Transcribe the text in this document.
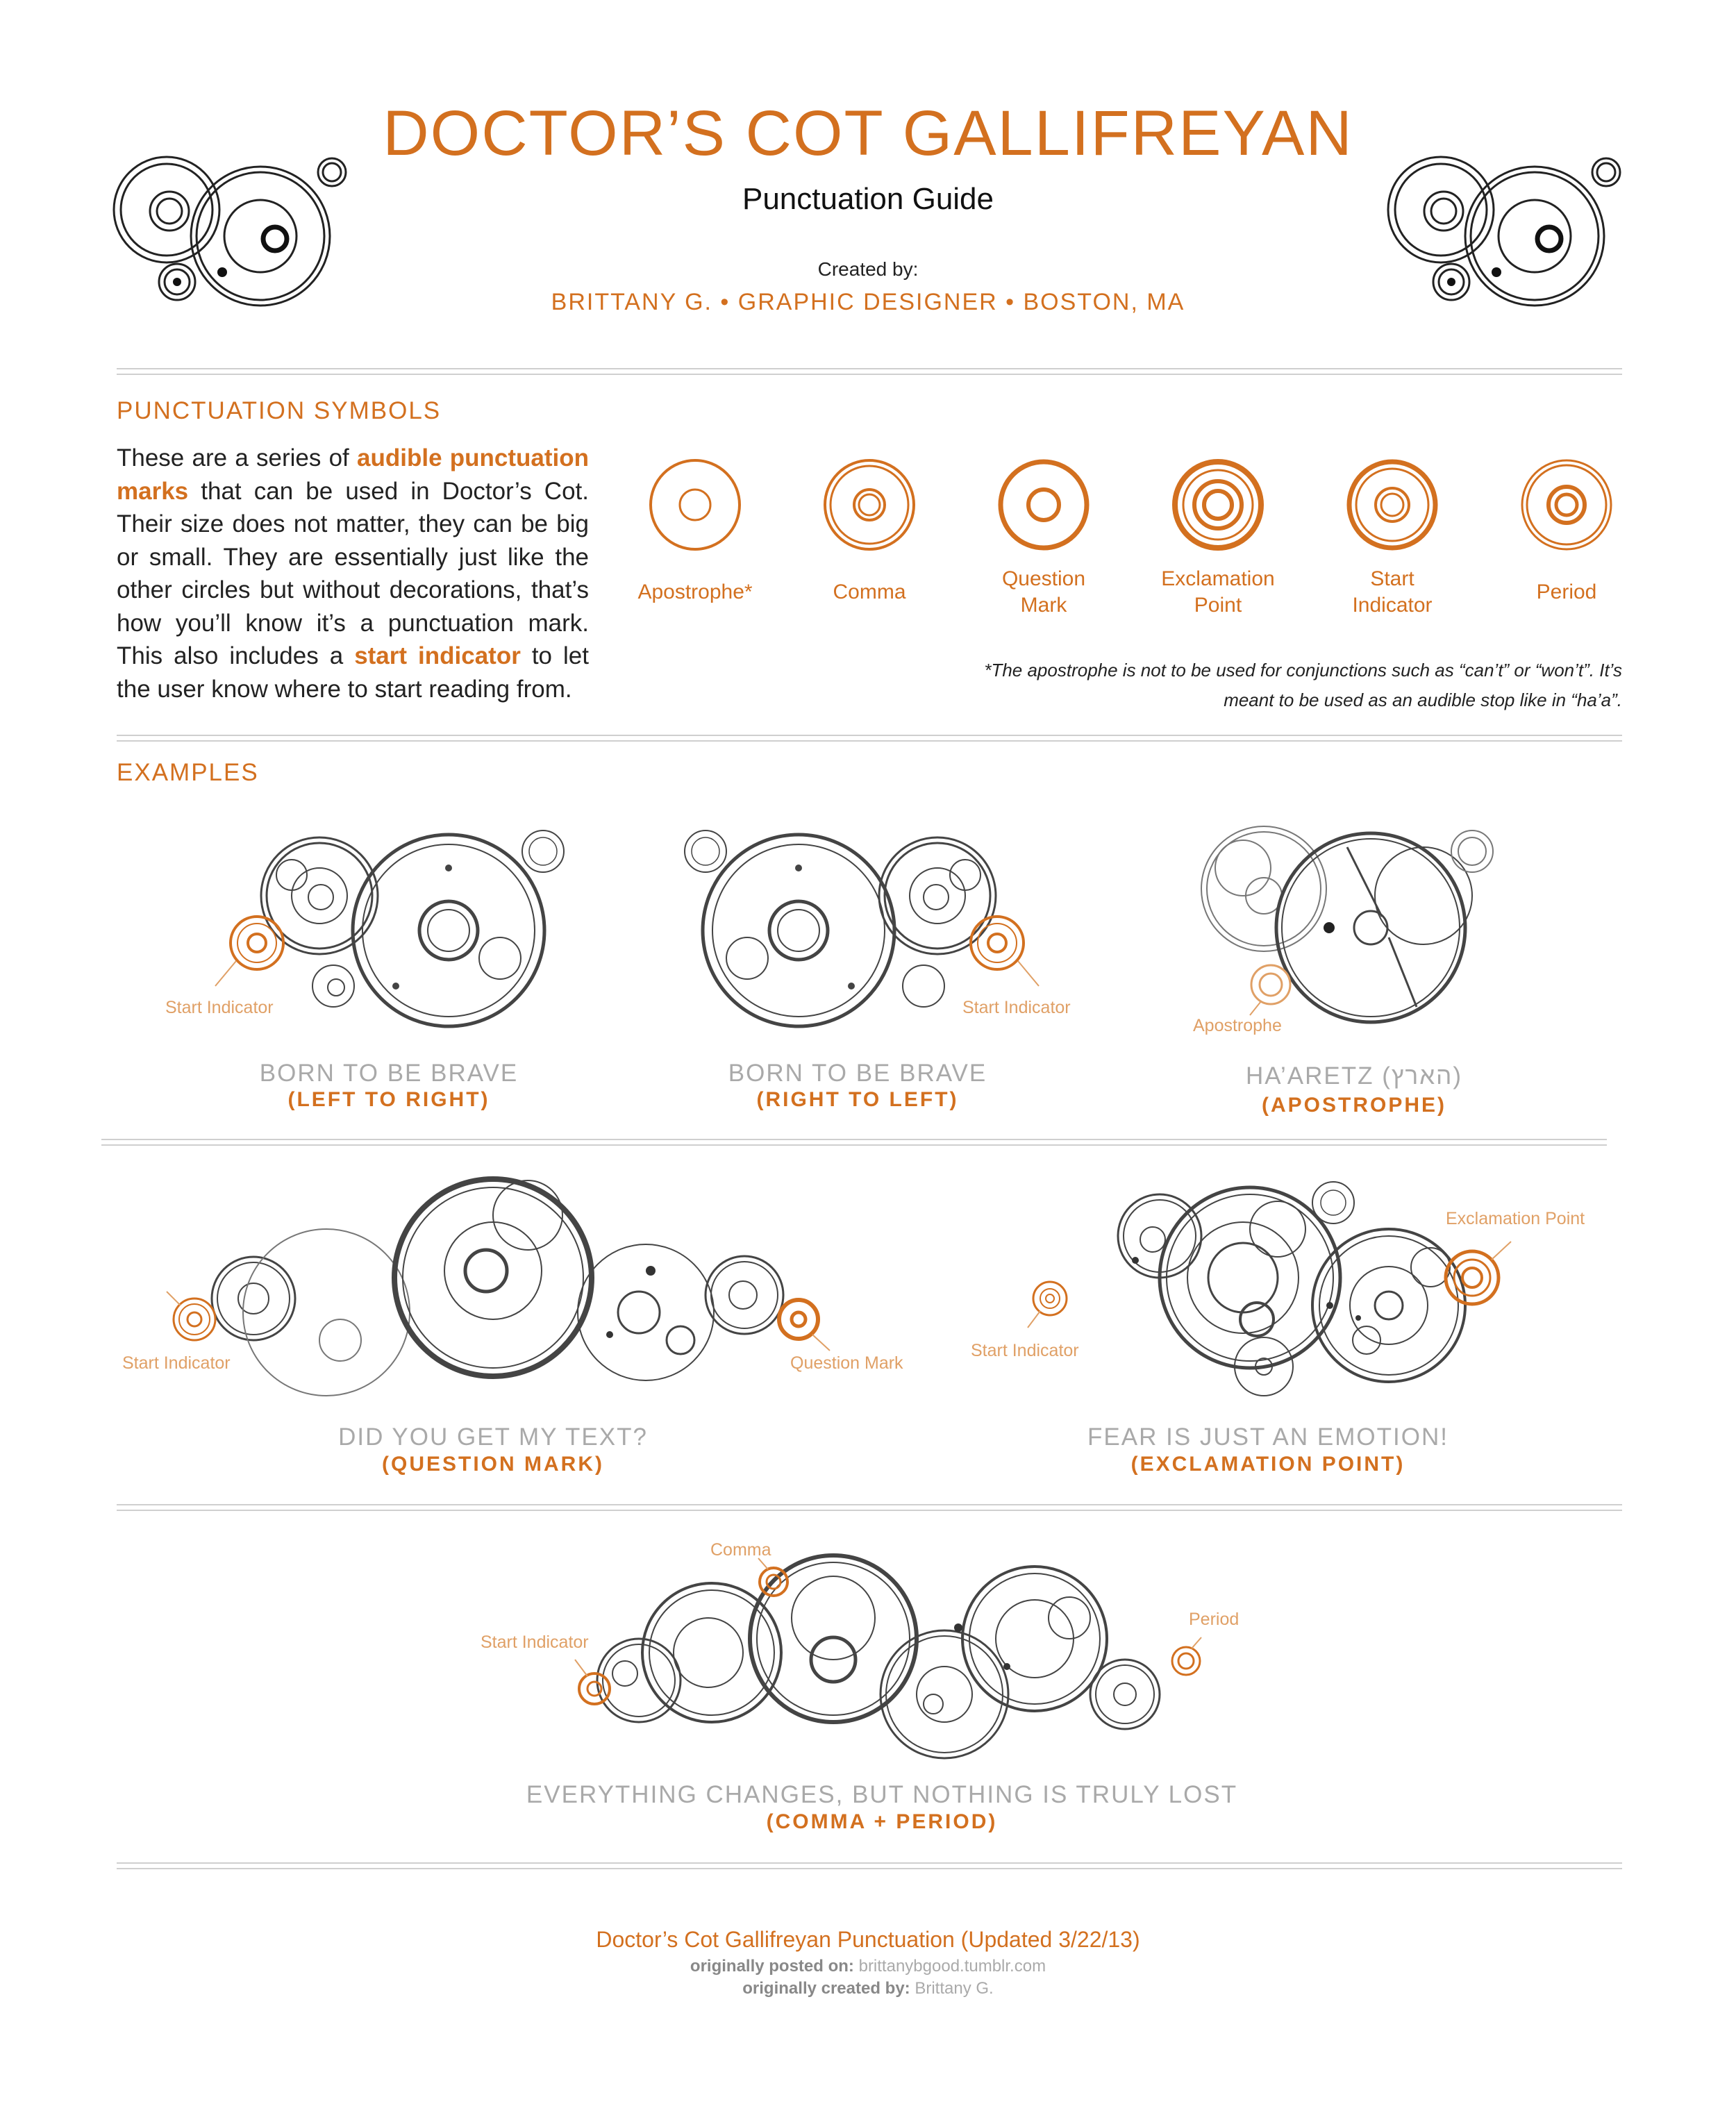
DOCTOR’S COT GALLIFREYAN
Punctuation Guide
Created by:
BRITTANY G. • GRAPHIC DESIGNER • BOSTON, MA
PUNCTUATION SYMBOLS
These are a series of audible punctuation marks that can be used in Doctor’s Cot. Their size does not matter, they can be big or small. They are essentially just like the other circles but without decorations, that’s how you’ll know it’s a punctuation mark. This also includes a start indicator to let the user know where to start reading from.
Apostrophe*	Comma
Question
Mark
Exclamation
Point
Start
Indicator
Period
*The apostrophe is not to be used for conjunctions such as “can’t” or “won’t”. It’s
meant to be used as an audible stop like in “ha’a”.
EXAMPLES
Start Indicator
BORN TO BE BRAVE
(LEFT TO RIGHT)
Start Indicator
BORN TO BE BRAVE
(RIGHT TO LEFT)
Apostrophe
HA’ARETZ (הארץ)
(APOSTROPHE)
Start Indicator	Question Mark
DID YOU GET MY TEXT?
(QUESTION MARK)
Start Indicator
Exclamation Point
FEAR IS JUST AN EMOTION!
(EXCLAMATION POINT)
Start Indicator
Comma
Period
EVERYTHING CHANGES, BUT NOTHING IS TRULY LOST
(COMMA + PERIOD)
Doctor’s Cot Gallifreyan Punctuation (Updated 3/22/13)
originally posted on: brittanybgood.tumblr.com
originally created by: Brittany G.
